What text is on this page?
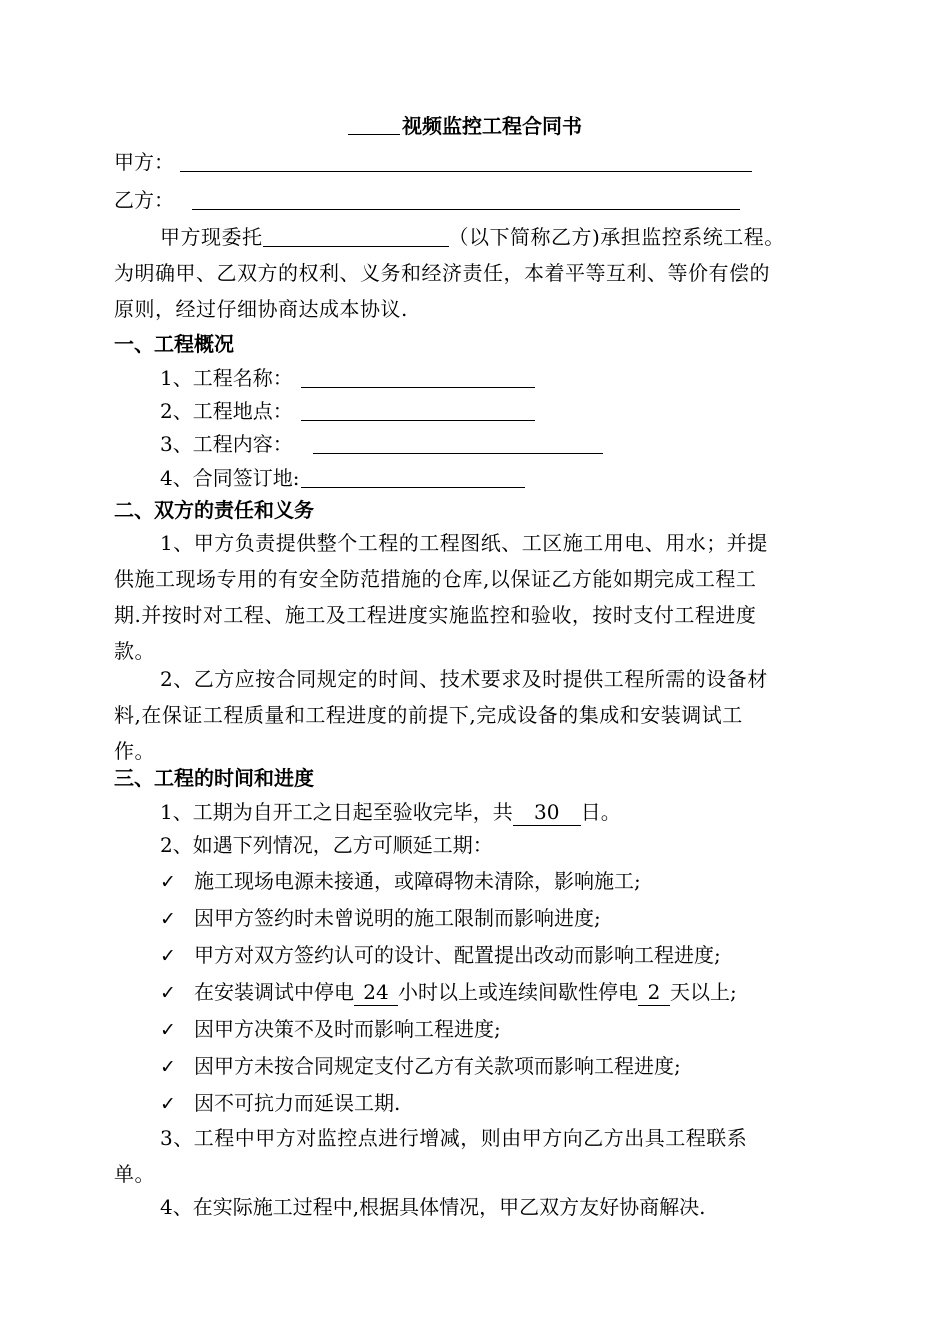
视频监控工程合同书
甲方：
乙方：
甲方现委托	（以下简称乙方)承担监控系统工程。
为明确甲、乙双方的权利、义务和经济责任，本着平等互利、等价有偿的
原则，经过仔细协商达成本协议.
一、工程概况
1、工程名称：
2、工程地点：
3、工程内容：
4、合同签订地:
二、双方的责任和义务
1、甲方负责提供整个工程的工程图纸、工区施工用电、用水；并提
供施工现场专用的有安全防范措施的仓库,以保证乙方能如期完成工程工
期.并按时对工程、施工及工程进度实施监控和验收，按时支付工程进度
款。
2、乙方应按合同规定的时间、技术要求及时提供工程所需的设备材
料,在保证工程质量和工程进度的前提下,完成设备的集成和安装调试工
作。
三、工程的时间和进度
1、工期为自开工之日起至验收完毕，共 30 日。
2、如遇下列情况，乙方可顺延工期：
✓ 施工现场电源未接通，或障碍物未清除，影响施工;
✓ 因甲方签约时未曾说明的施工限制而影响进度;
✓ 甲方对双方签约认可的设计、配置提出改动而影响工程进度;
✓ 在安装调试中停电 24 小时以上或连续间歇性停电 2 天以上;
✓ 因甲方决策不及时而影响工程进度;
✓ 因甲方未按合同规定支付乙方有关款项而影响工程进度;
✓ 因不可抗力而延误工期.
3、工程中甲方对监控点进行增减，则由甲方向乙方出具工程联系
单。
4、在实际施工过程中,根据具体情况，甲乙双方友好协商解决.
